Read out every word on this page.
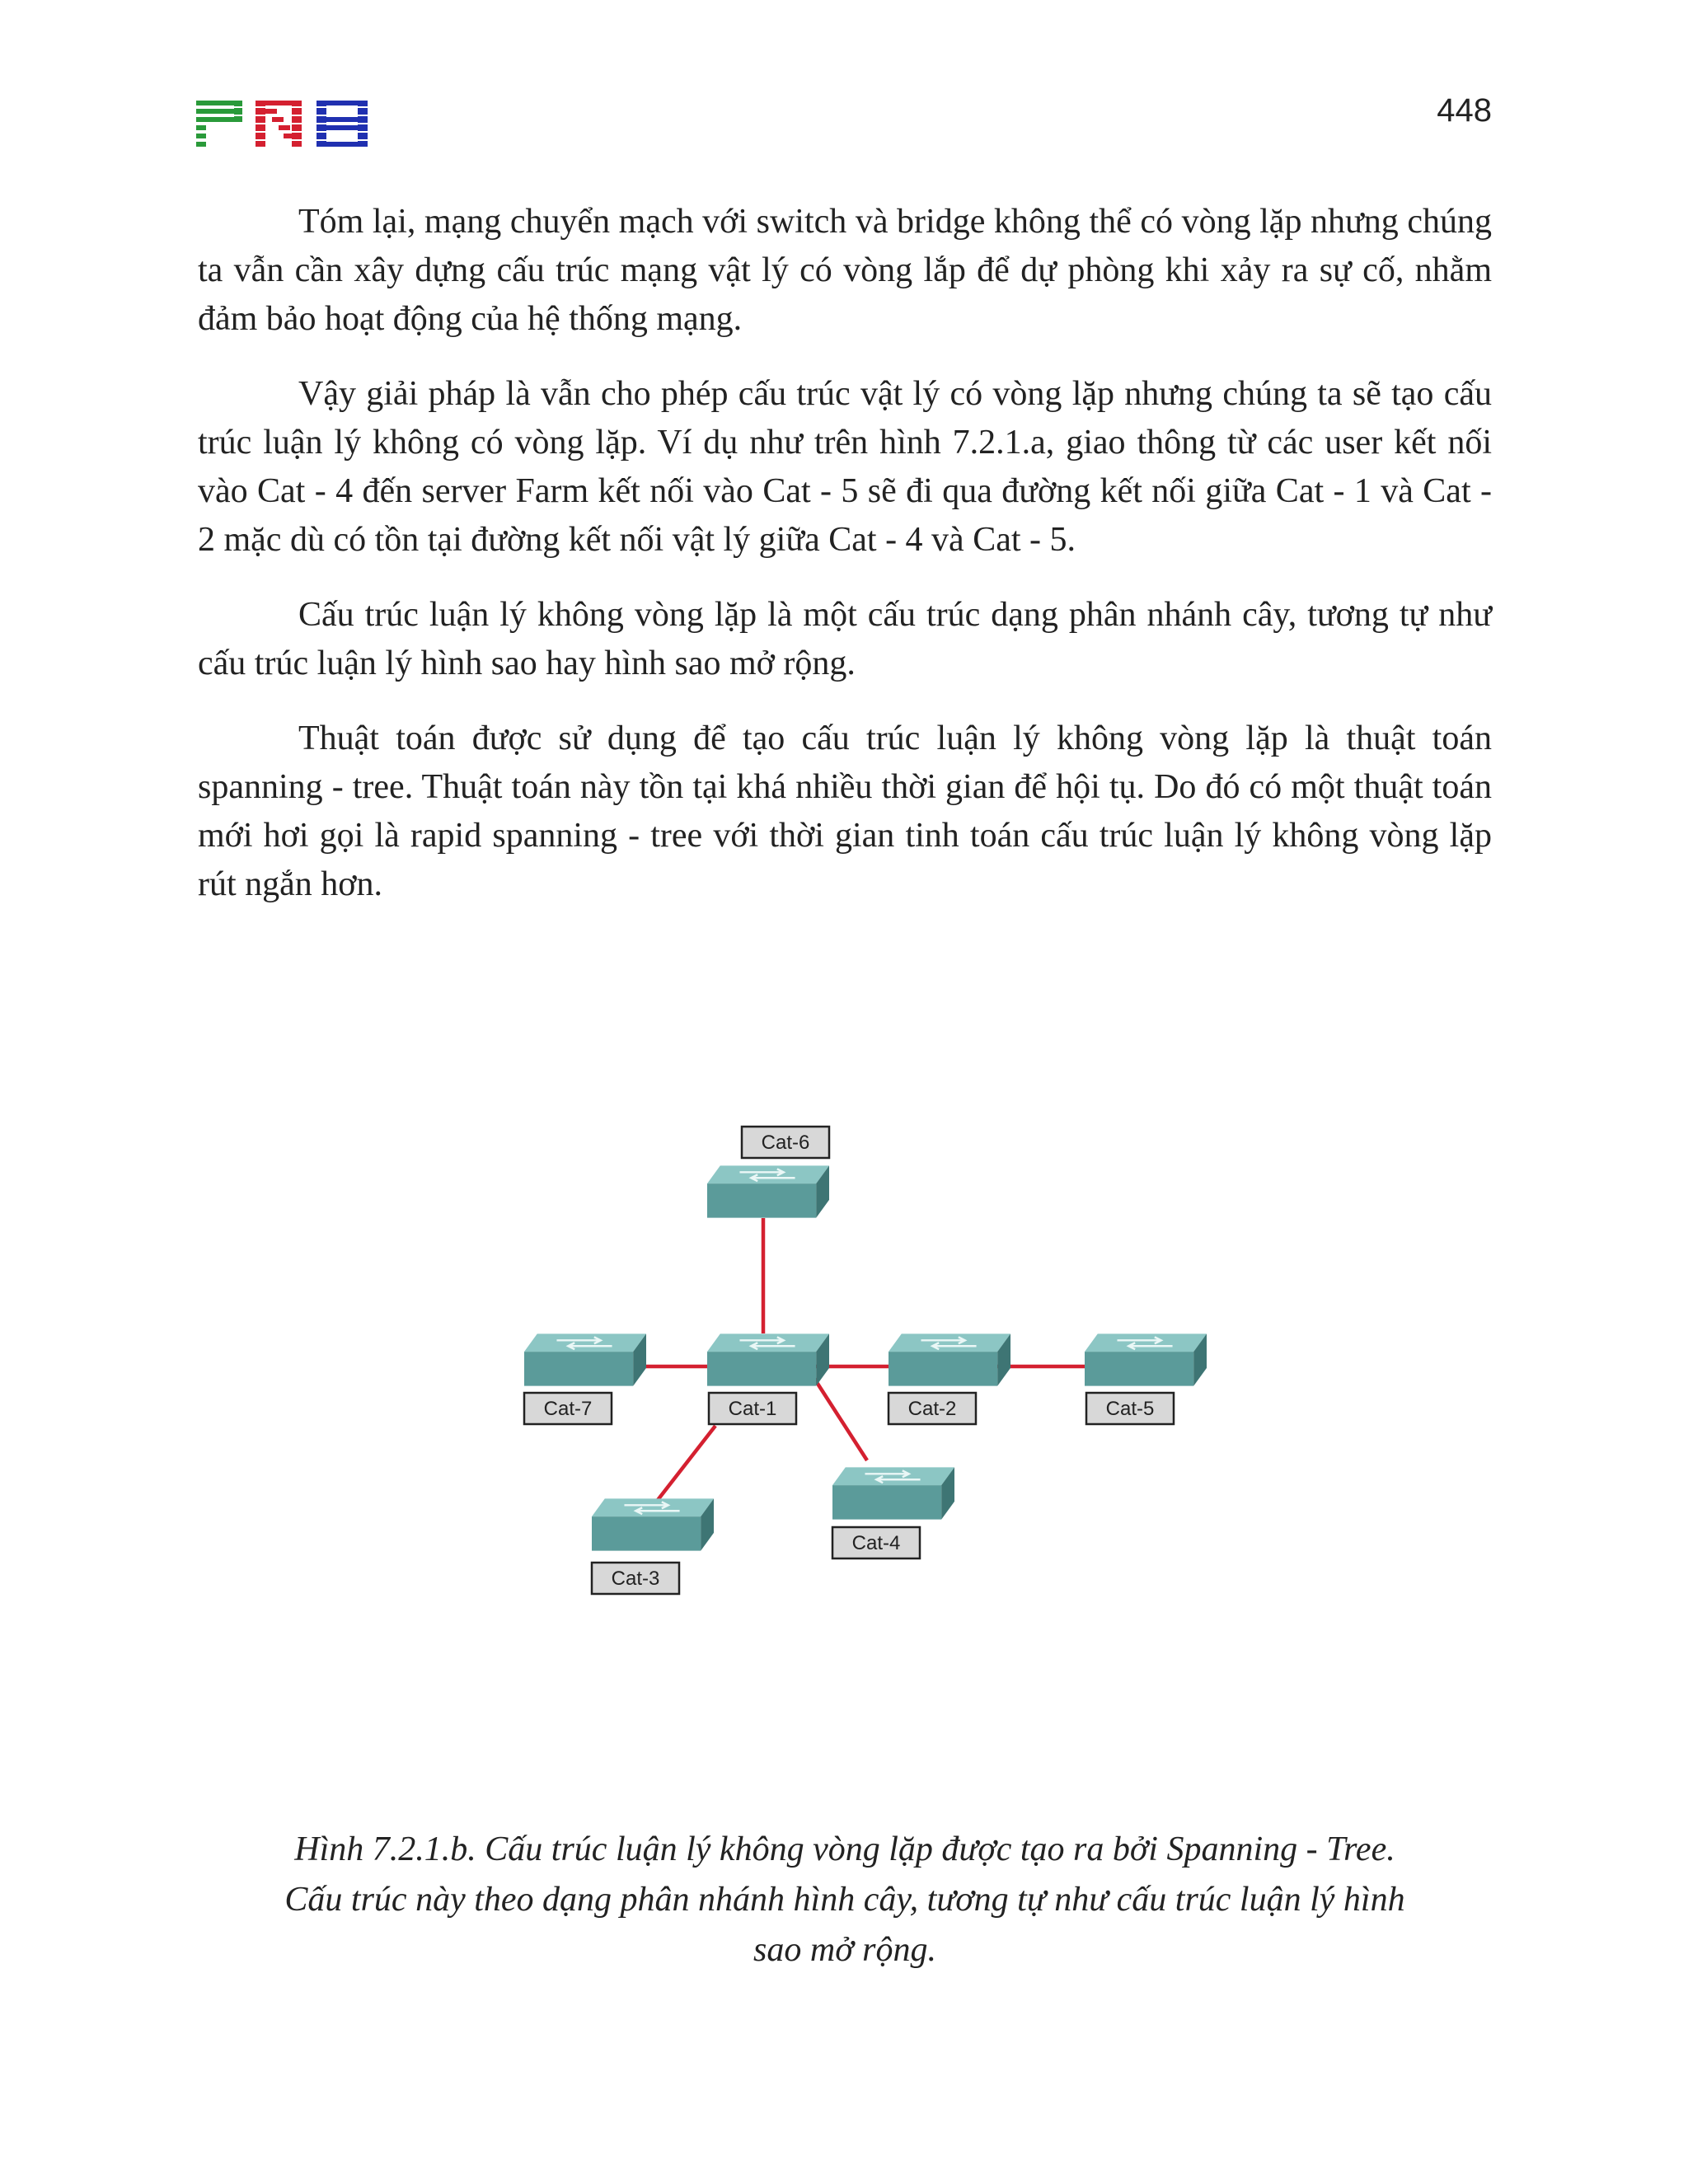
448

Tóm lại, mạng chuyển mạch với switch và bridge không thể có vòng lặp nhưng chúng ta vẫn cần xây dựng cấu trúc mạng vật lý có vòng lắp để dự phòng khi xảy ra sự cố, nhằm đảm bảo hoạt động của hệ thống mạng.

Vậy giải pháp là vẫn cho phép cấu trúc vật lý có vòng lặp nhưng chúng ta sẽ tạo cấu trúc luận lý không có vòng lặp. Ví dụ như trên hình 7.2.1.a, giao thông từ các user kết nối vào Cat - 4 đến server Farm kết nối vào Cat - 5 sẽ đi qua đường kết nối giữa Cat - 1 và Cat - 2 mặc dù có tồn tại đường kết nối vật lý giữa Cat - 4 và Cat - 5.

Cấu trúc luận lý không vòng lặp là một cấu trúc dạng phân nhánh cây, tương tự như cấu trúc luận lý hình sao hay hình sao mở rộng.

Thuật toán được sử dụng để tạo cấu trúc luận lý không vòng lặp là thuật toán spanning - tree. Thuật toán này tồn tại khá nhiều thời gian để hội tụ. Do đó có một thuật toán mới hơi gọi là rapid spanning - tree với thời gian tinh toán cấu trúc luận lý không vòng lặp rút ngắn hơn.

Cat-6
Cat-7	Cat-1	Cat-2	Cat-5
Cat-4
Cat-3
Hình 7.2.1.b. Cấu trúc luận lý không vòng lặp được tạo ra bởi Spanning - Tree.
Cấu trúc này theo dạng phân nhánh hình cây, tương tự như cấu trúc luận lý hình
sao mở rộng.
